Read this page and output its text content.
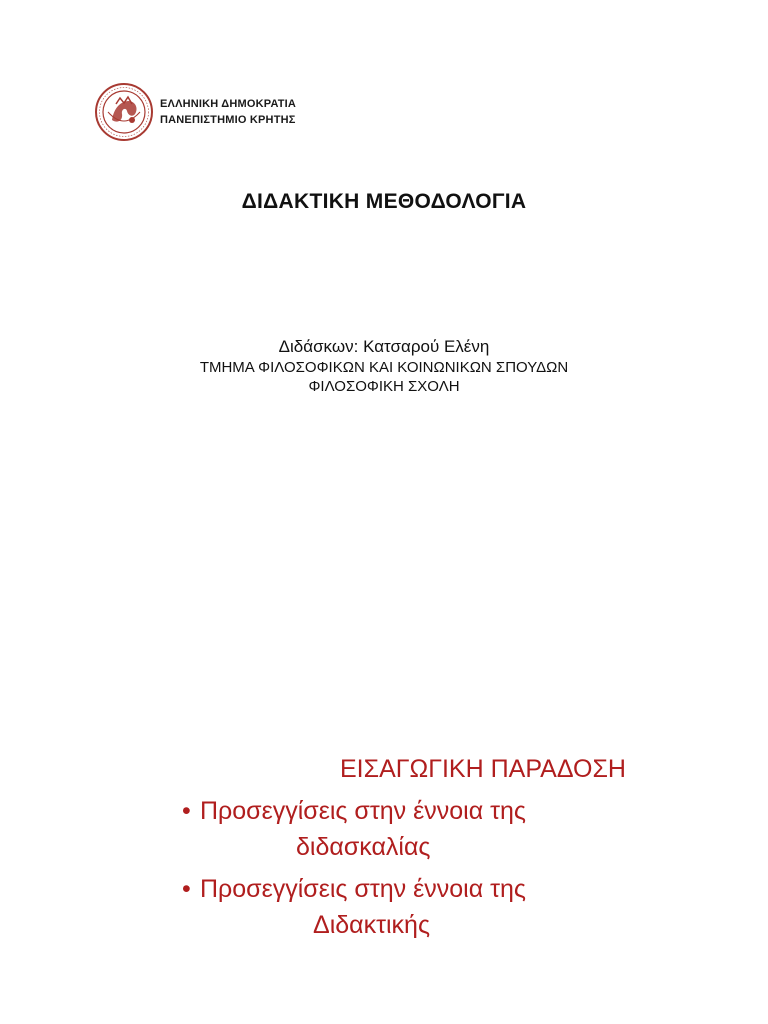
ΕΛΛΗΝΙΚΗ ΔΗΜΟΚΡΑΤΙΑ
ΠΑΝΕΠΙΣΤΗΜΙΟ ΚΡΗΤΗΣ
ΔΙΔΑΚΤΙΚΗ ΜΕΘΟΔΟΛΟΓΙΑ
Διδάσκων: Κατσαρού Ελένη
ΤΜΗΜΑ ΦΙΛΟΣΟΦΙΚΩΝ ΚΑΙ ΚΟΙΝΩΝΙΚΩΝ ΣΠΟΥΔΩΝ
ΦΙΛΟΣΟΦΙΚΗ ΣΧΟΛΗ
ΕΙΣΑΓΩΓΙΚΗ ΠΑΡΑΔΟΣΗ
• Προσεγγίσεις στην έννοια της
διδασκαλίας
• Προσεγγίσεις στην έννοια της
Διδακτικής
